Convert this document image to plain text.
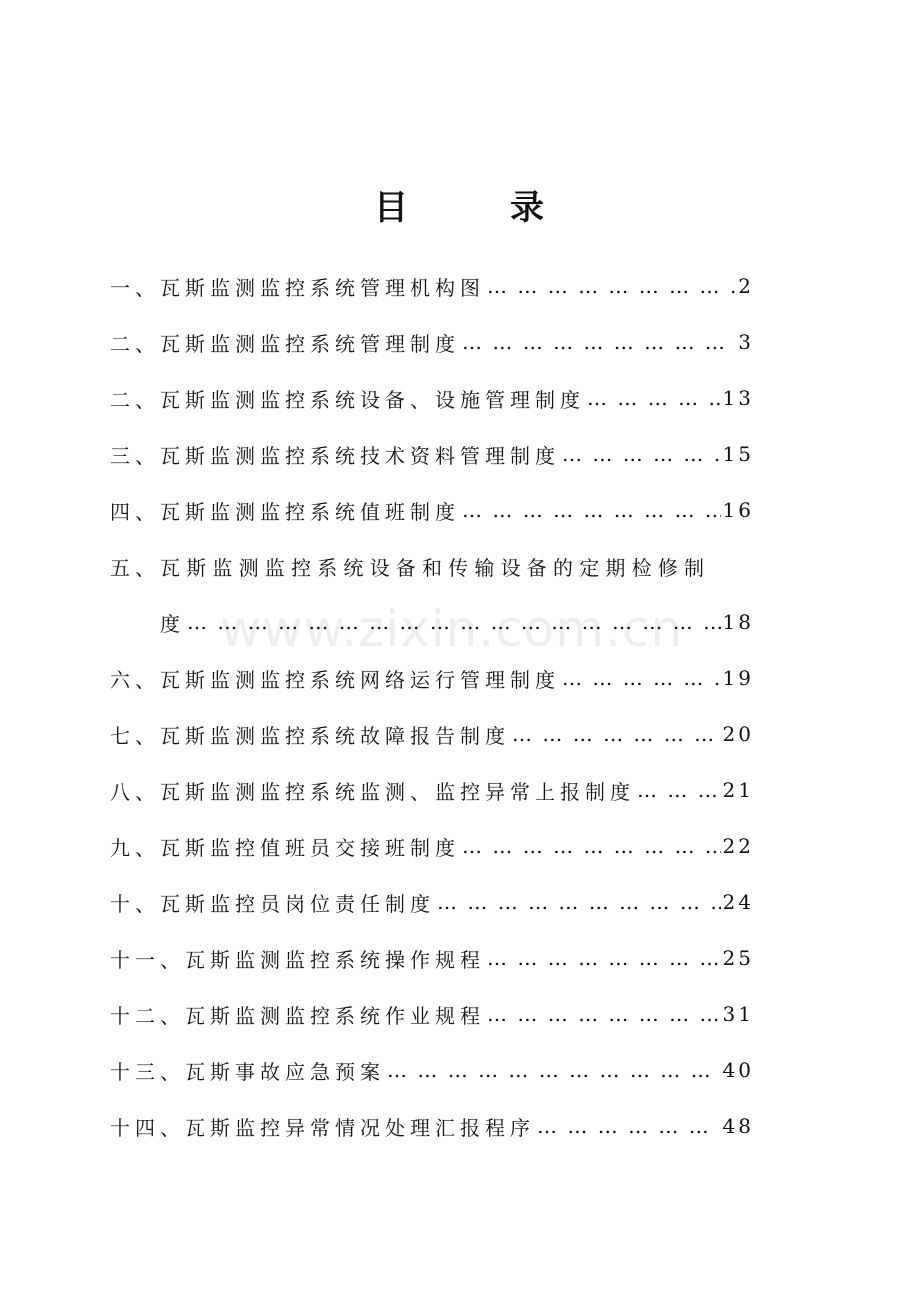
目	录
www.zixin.com.cn
一、 瓦斯监测监控系统管理机构图 … … … … … … … … … … … … … … … … … … … … … … … … … … … … … … … … … … … … … … … …	2
二、 瓦斯监测监控系统管理制度 … … … … … … … … … … … … … … … … … … … … … … … … … … … … … … … … … … … … … … … …	3
二、 瓦斯监测监控系统设备、设施管理制度 … … … … … … … … … … … … … … … … … … … … … … … … … … … … … … … … … … … … … … … …	13
三、 瓦斯监测监控系统技术资料管理制度 … … … … … … … … … … … … … … … … … … … … … … … … … … … … … … … … … … … … … … … …	15
四、 瓦斯监测监控系统值班制度 … … … … … … … … … … … … … … … … … … … … … … … … … … … … … … … … … … … … … … … …	16
五、 瓦斯监测监控系统设备和传输设备的定期检修制
度 … … … … … … … … … … … … … … … … … … … … … … … … … … … … … … … … … … … … … … … …	18
六、 瓦斯监测监控系统网络运行管理制度 … … … … … … … … … … … … … … … … … … … … … … … … … … … … … … … … … … … … … … … …	19
七、 瓦斯监测监控系统故障报告制度 … … … … … … … … … … … … … … … … … … … … … … … … … … … … … … … … … … … … … … … …	20
八、 瓦斯监测监控系统监测、监控异常上报制度 … … … … … … … … … … … … … … … … … … … … … … … … … … … … … … … … … … … … … … … …	21
九、 瓦斯监控值班员交接班制度 … … … … … … … … … … … … … … … … … … … … … … … … … … … … … … … … … … … … … … … …	22
十、 瓦斯监控员岗位责任制度 … … … … … … … … … … … … … … … … … … … … … … … … … … … … … … … … … … … … … … … …	24
十一、 瓦斯监测监控系统操作规程 … … … … … … … … … … … … … … … … … … … … … … … … … … … … … … … … … … … … … … … …	25
十二、 瓦斯监测监控系统作业规程 … … … … … … … … … … … … … … … … … … … … … … … … … … … … … … … … … … … … … … … …	31
十三、 瓦斯事故应急预案 … … … … … … … … … … … … … … … … … … … … … … … … … … … … … … … … … … … … … … … …	40
十四、 瓦斯监控异常情况处理汇报程序 … … … … … … … … … … … … … … … … … … … … … … … … … … … … … … … … … … … … … … … …	48
